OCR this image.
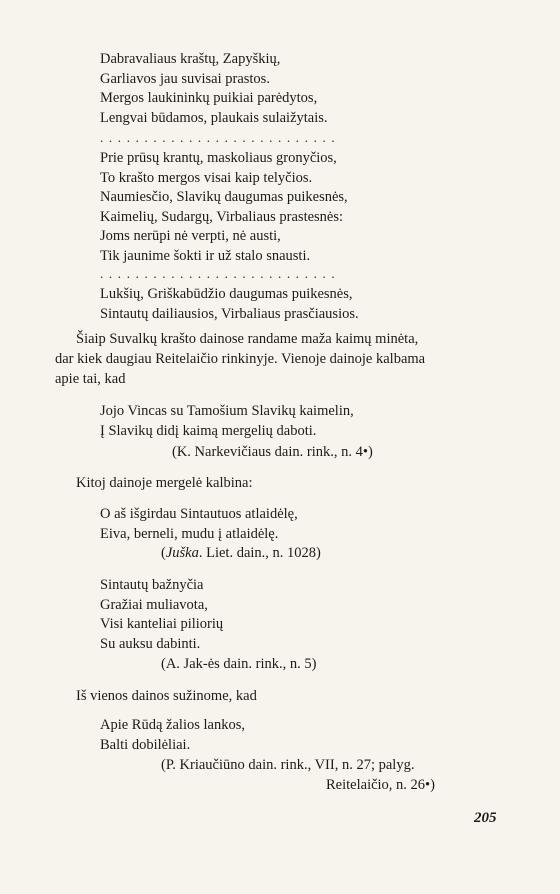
Dabravaliaus kraštų, Zapyškių,
Garliavos jau suvisai prastos.
Mergos laukininkų puikiai parėdytos,
Lengvai būdamos, plaukais sulaižytais.
. . . . . . . . . . . . . . . . . . . . . . . . . . .
Prie prūsų krantų, maskoliaus gronyčios,
To krašto mergos visai kaip telyčios.
Naumiesčio, Slavikų daugumas puikesnės,
Kaimelių, Sudargų, Virbaliaus prastesnės:
Joms nerūpi nė verpti, nė austi,
Tik jaunime šokti ir už stalo snausti.
. . . . . . . . . . . . . . . . . . . . . . . . . . .
Lukšių, Griškabūdžio daugumas puikesnės,
Sintautų dailiausios, Virbaliaus prasčiausios.
Šiaip Suvalkų krašto dainose randame maža kaimų minėta,
dar kiek daugiau Reitelaičio rinkinyje. Vienoje dainoje kalbama
apie tai, kad
Jojo Vincas su Tamošium Slavikų kaimelin,
Į Slavikų didį kaimą mergelių daboti.
(K. Narkevičiaus dain. rink., n. 4•)
Kitoj dainoje mergelė kalbina:
O aš išgirdau Sintautuos atlaidėlę,
Eiva, berneli, mudu į atlaidėlę.
(Juška. Liet. dain., n. 1028)
Sintautų bažnyčia
Gražiai muliavota,
Visi kanteliai piliorių
Su auksu dabinti.
(A. Jak-ės dain. rink., n. 5)
Iš vienos dainos sužinome, kad
Apie Rūdą žalios lankos,
Balti dobilėliai.
(P. Kriaučiūno dain. rink., VII, n. 27; palyg.
Reitelaičio, n. 26•)
205
